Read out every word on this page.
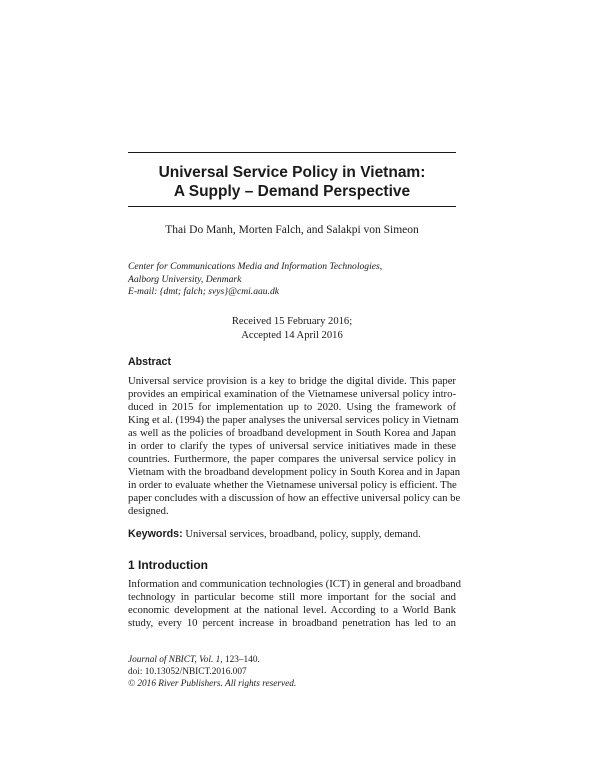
Universal Service Policy in Vietnam:
A Supply – Demand Perspective
Thai Do Manh, Morten Falch, and Salakpi von Simeon
Center for Communications Media and Information Technologies,
Aalborg University, Denmark
E-mail: {dmt; falch; svys}@cmi.aau.dk
Received 15 February 2016;
Accepted 14 April 2016
Abstract
Universal service provision is a key to bridge the digital divide. This paper
provides an empirical examination of the Vietnamese universal policy intro-
duced in 2015 for implementation up to 2020. Using the framework of
King et al. (1994) the paper analyses the universal services policy in Vietnam
as well as the policies of broadband development in South Korea and Japan
in order to clarify the types of universal service initiatives made in these
countries. Furthermore, the paper compares the universal service policy in
Vietnam with the broadband development policy in South Korea and in Japan
in order to evaluate whether the Vietnamese universal policy is efficient. The
paper concludes with a discussion of how an effective universal policy can be
designed.
Keywords: Universal services, broadband, policy, supply, demand.
1 Introduction
Information and communication technologies (ICT) in general and broadband
technology in particular become still more important for the social and
economic development at the national level. According to a World Bank
study, every 10 percent increase in broadband penetration has led to an
Journal of NBICT, Vol. 1, 123–140.
doi: 10.13052/NBICT.2016.007
© 2016 River Publishers. All rights reserved.
